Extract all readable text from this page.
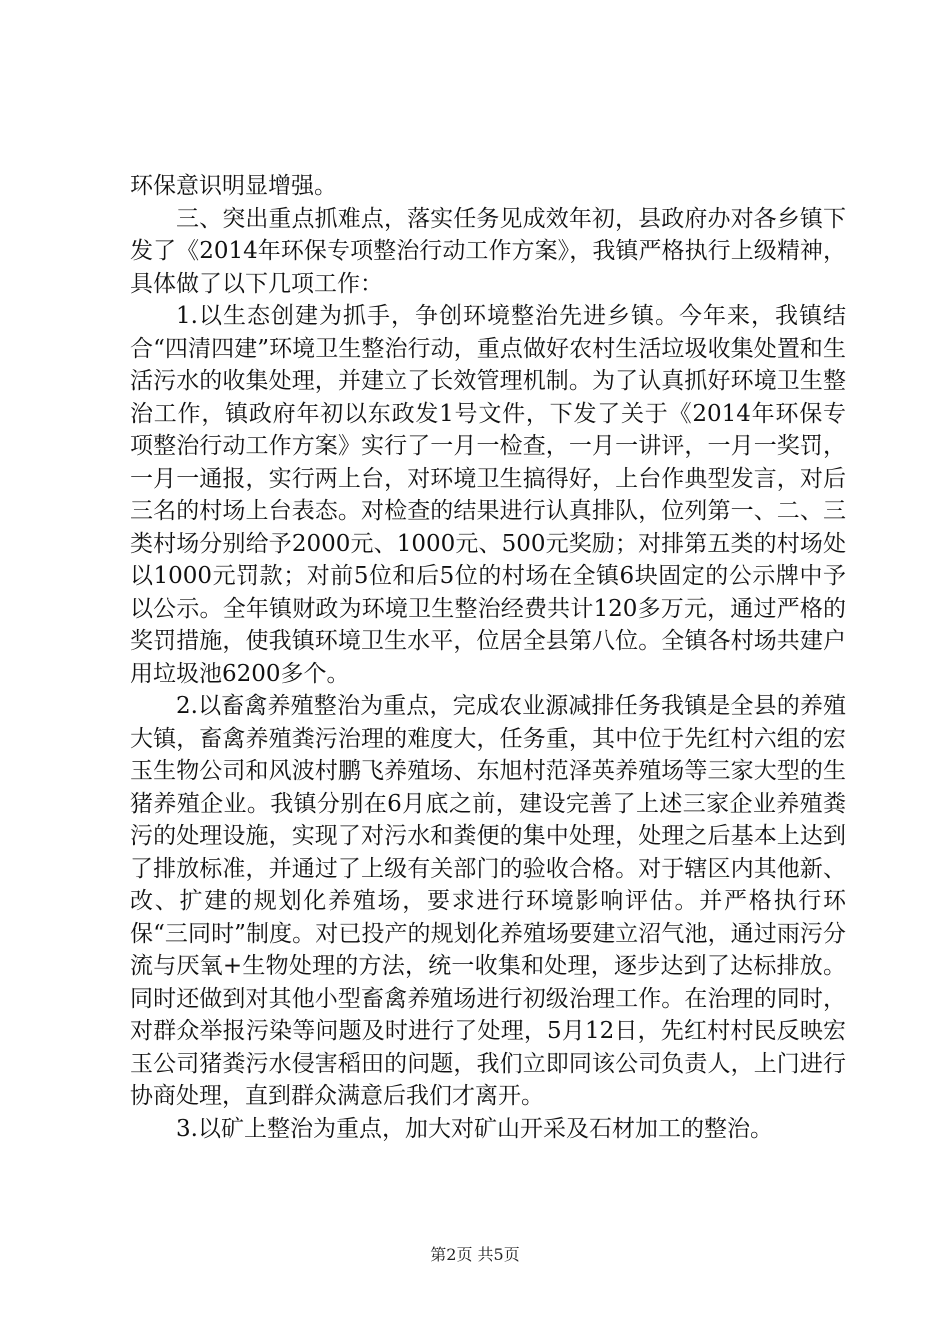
环保意识明显增强。

三、突出重点抓难点，落实任务见成效年初，县政府办对各乡镇下发了《2014年环保专项整治行动工作方案》，我镇严格执行上级精神，具体做了以下几项工作：

1.以生态创建为抓手，争创环境整治先进乡镇。今年来，我镇结合“四清四建”环境卫生整治行动，重点做好农村生活垃圾收集处置和生活污水的收集处理，并建立了长效管理机制。为了认真抓好环境卫生整治工作，镇政府年初以东政发1号文件，下发了关于《2014年环保专项整治行动工作方案》实行了一月一检查，一月一讲评，一月一奖罚，一月一通报，实行两上台，对环境卫生搞得好，上台作典型发言，对后三名的村场上台表态。对检查的结果进行认真排队，位列第一、二、三类村场分别给予2000元、1000元、500元奖励；对排第五类的村场处以1000元罚款；对前5位和后5位的村场在全镇6块固定的公示牌中予以公示。全年镇财政为环境卫生整治经费共计120多万元，通过严格的奖罚措施，使我镇环境卫生水平，位居全县第八位。全镇各村场共建户用垃圾池6200多个。

2.以畜禽养殖整治为重点，完成农业源减排任务我镇是全县的养殖大镇，畜禽养殖粪污治理的难度大，任务重，其中位于先红村六组的宏玉生物公司和风波村鹏飞养殖场、东旭村范泽英养殖场等三家大型的生猪养殖企业。我镇分别在6月底之前，建设完善了上述三家企业养殖粪污的处理设施，实现了对污水和粪便的集中处理，处理之后基本上达到了排放标准，并通过了上级有关部门的验收合格。对于辖区内其他新、改、扩建的规划化养殖场，要求进行环境影响评估。并严格执行环保“三同时”制度。对已投产的规划化养殖场要建立沼气池，通过雨污分流与厌氧+生物处理的方法，统一收集和处理，逐步达到了达标排放。同时还做到对其他小型畜禽养殖场进行初级治理工作。在治理的同时，对群众举报污染等问题及时进行了处理，5月12日，先红村村民反映宏玉公司猪粪污水侵害稻田的问题，我们立即同该公司负责人，上门进行协商处理，直到群众满意后我们才离开。

3.以矿上整治为重点，加大对矿山开采及石材加工的整治。

第2页 共5页
